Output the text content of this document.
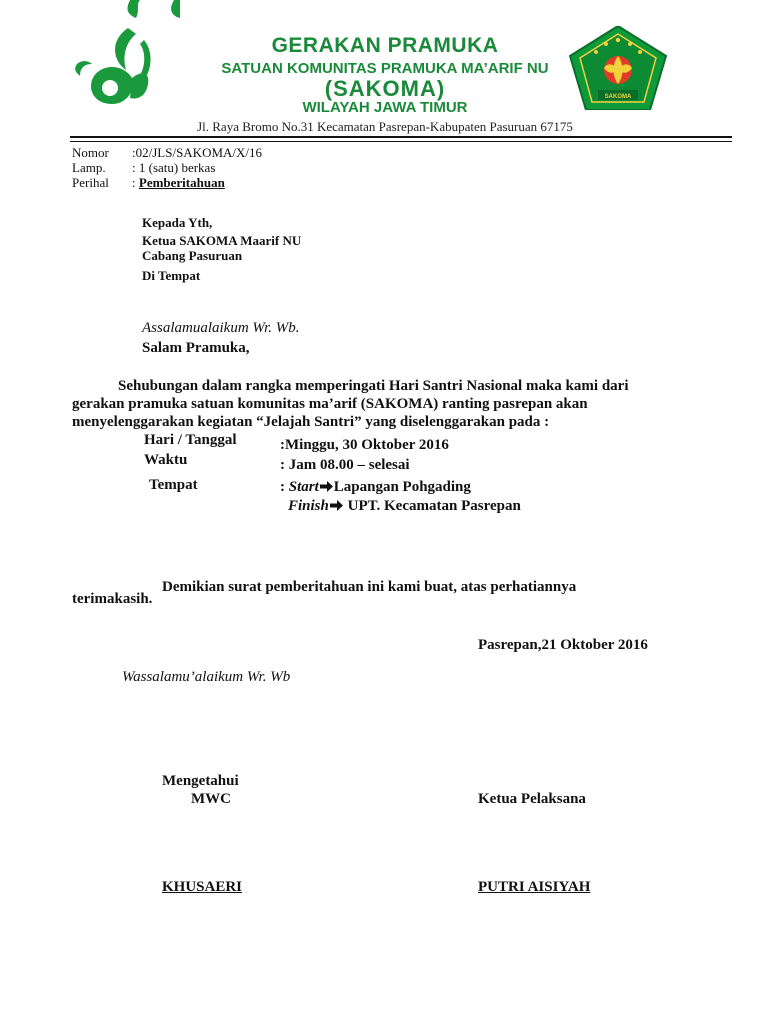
SAKOMA
GERAKAN PRAMUKA
SATUAN KOMUNITAS PRAMUKA MA’ARIF NU
(SAKOMA)
WILAYAH JAWA TIMUR
Jl. Raya Bromo No.31 Kecamatan Pasrepan-Kabupaten Pasuruan 67175
Nomor :02/JLS/SAKOMA/X/16
Lamp. : 1 (satu) berkas
Perihal : Pemberitahuan
Kepada Yth,
Ketua SAKOMA Maarif NU
Cabang Pasuruan
Di Tempat
Assalamualaikum Wr. Wb.
Salam Pramuka,
Sehubungan dalam rangka memperingati Hari Santri Nasional maka kami dari
gerakan pramuka satuan komunitas ma’arif (SAKOMA) ranting pasrepan akan
menyelenggarakan kegiatan “Jelajah Santri” yang diselenggarakan pada :
Hari / Tanggal	:Minggu, 30 Oktober 2016
Waktu	: Jam 08.00 – selesai
Tempat	: Start Lapangan Pohgading
Finish UPT. Kecamatan Pasrepan
Demikian surat pemberitahuan ini kami buat, atas perhatiannya
terimakasih.
Pasrepan,21 Oktober 2016
Wassalamu’alaikum Wr. Wb
Mengetahui
MWC	Ketua Pelaksana
KHUSAERI	PUTRI AISIYAH
